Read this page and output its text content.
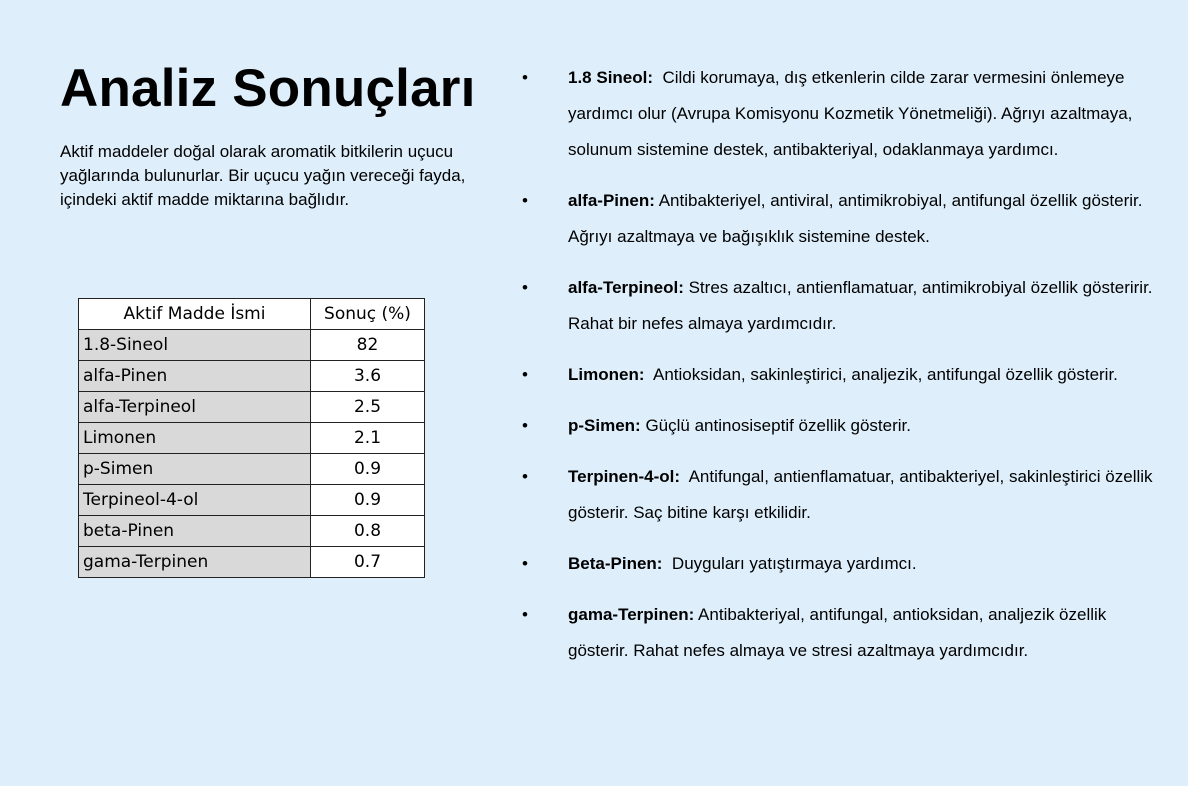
Analiz Sonuçları

Aktif maddeler doğal olarak aromatik bitkilerin uçucu yağlarında bulunurlar. Bir uçucu yağın vereceği fayda, içindeki aktif madde miktarına bağlıdır.

Aktif Madde İsmi	Sonuç (%)
1.8-Sineol	82
alfa-Pinen	3.6
alfa-Terpineol	2.5
Limonen	2.1
p-Simen	0.9
Terpineol-4-ol	0.9
beta-Pinen	0.8
gama-Terpinen	0.7
• 1.8 Sineol:  Cildi korumaya, dış etkenlerin cilde zarar vermesini önlemeye yardımcı olur (Avrupa Komisyonu Kozmetik Yönetmeliği). Ağrıyı azaltmaya, solunum sistemine destek, antibakteriyal, odaklanmaya yardımcı.
• alfa-Pinen: Antibakteriyel, antiviral, antimikrobiyal, antifungal özellik gösterir. Ağrıyı azaltmaya ve bağışıklık sistemine destek.
• alfa-Terpineol: Stres azaltıcı, antienflamatuar, antimikrobiyal özellik gösteririr. Rahat bir nefes almaya yardımcıdır.
• Limonen:  Antioksidan, sakinleştirici, analjezik, antifungal özellik gösterir.
• p-Simen: Güçlü antinosiseptif özellik gösterir.
• Terpinen-4-ol:  Antifungal, antienflamatuar, antibakteriyel, sakinleştirici özellik gösterir. Saç bitine karşı etkilidir.
• Beta-Pinen:  Duyguları yatıştırmaya yardımcı.
• gama-Terpinen: Antibakteriyal, antifungal, antioksidan, analjezik özellik gösterir. Rahat nefes almaya ve stresi azaltmaya yardımcıdır.
